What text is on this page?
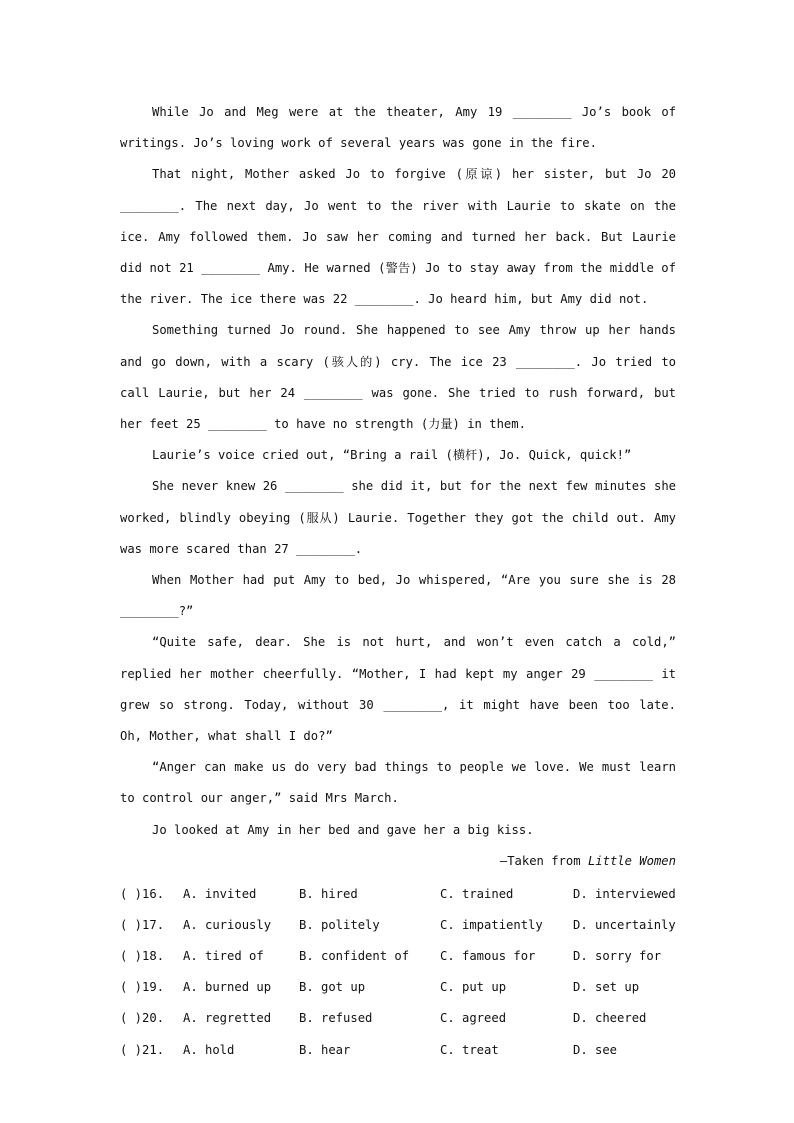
While Jo and Meg were at the theater, Amy 19 ________ Jo’s book of writings. Jo’s loving work of several years was gone in the fire.

That night, Mother asked Jo to forgive (原谅) her sister, but Jo 20 ________. The next day, Jo went to the river with Laurie to skate on the ice. Amy followed them. Jo saw her coming and turned her back. But Laurie did not 21 ________ Amy. He warned (警告) Jo to stay away from the middle of the river. The ice there was 22 ________. Jo heard him, but Amy did not.

Something turned Jo round. She happened to see Amy throw up her hands and go down, with a scary (骇人的) cry. The ice 23 ________. Jo tried to call Laurie, but her 24 ________ was gone. She tried to rush forward, but her feet 25 ________ to have no strength (力量) in them.

Laurie’s voice cried out, “Bring a rail (横杆), Jo. Quick, quick!”

She never knew 26 ________ she did it, but for the next few minutes she worked, blindly obeying (服从) Laurie. Together they got the child out. Amy was more scared than 27 ________.

When Mother had put Amy to bed, Jo whispered, “Are you sure she is 28 ________?”

“Quite safe, dear. She is not hurt, and won’t even catch a cold,” replied her mother cheerfully. “Mother, I had kept my anger 29 ________ it grew so strong. Today, without 30 ________, it might have been too late. Oh, Mother, what shall I do?”

“Anger can make us do very bad things to people we love. We must learn to control our anger,” said Mrs March.

Jo looked at Amy in her bed and gave her a big kiss.

—Taken from Little Women

( )16.	A. invited	B. hired	C. trained	D. interviewed
( )17.	A. curiously	B. politely	C. impatiently	D. uncertainly
( )18.	A. tired of	B. confident of	C. famous for	D. sorry for
( )19.	A. burned up	B. got up	C. put up	D. set up
( )20.	A. regretted	B. refused	C. agreed	D. cheered
( )21.	A. hold	B. hear	C. treat	D. see
